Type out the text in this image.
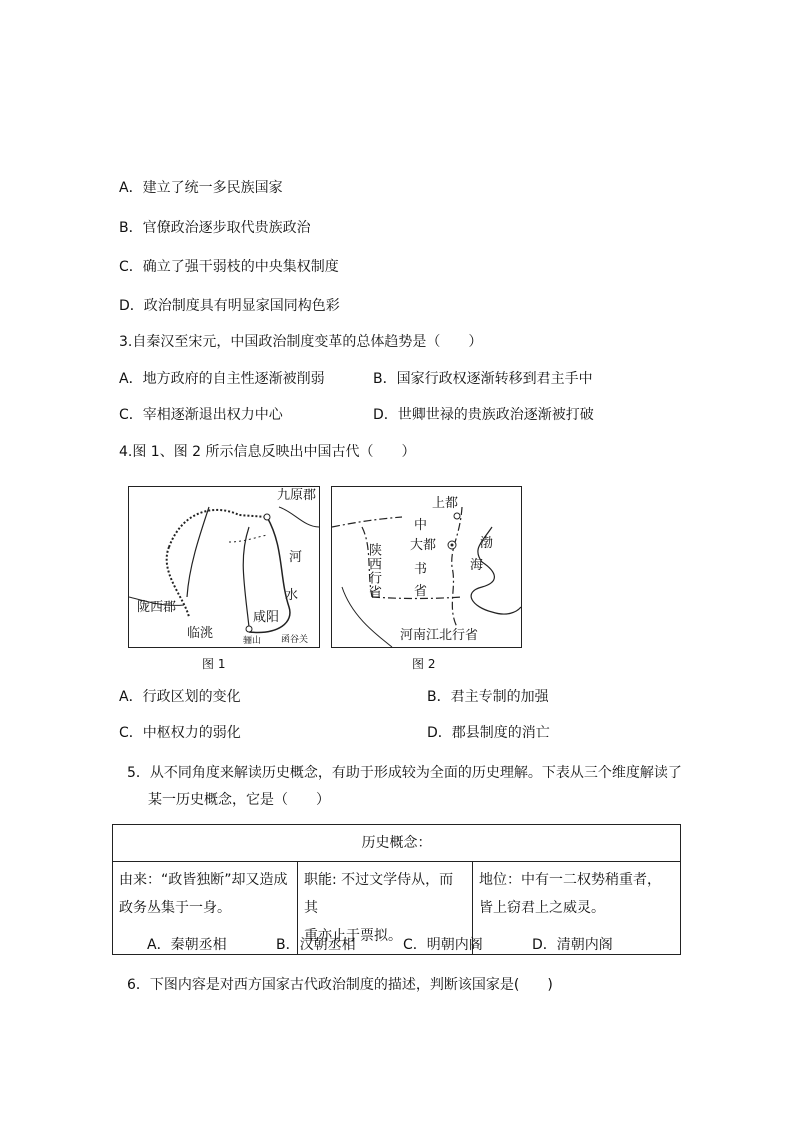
A．建立了统一多民族国家
B．官僚政治逐步取代贵族政治
C．确立了强干弱枝的中央集权制度
D．政治制度具有明显家国同构色彩
3.自秦汉至宋元，中国政治制度变革的总体趋势是（　　）
A．地方政府的自主性逐渐被削弱	B．国家行政权逐渐转移到君主手中
C．宰相逐渐退出权力中心	D．世卿世禄的贵族政治逐渐被打破
4.图 1、图 2 所示信息反映出中国古代（　　）
九原郡
河
水
陇西郡
咸阳
临洮	骊山 函谷关
图 1
上都
中
大都
书
省
渤
海
陕西行省
河南江北行省
图 2
A．行政区划的变化	B．君主专制的加强
C．中枢权力的弱化	D．郡县制度的消亡
5．从不同角度来解读历史概念，有助于形成较为全面的历史理解。下表从三个维度解读了
某一历史概念，它是（　　）
历史概念：

由来：“政皆独断”却又造成
政务丛集于一身。

职能: 不过文学侍从，而其
重亦止于票拟。

地位：中有一二权势稍重者，
皆上窃君上之威灵。
A．秦朝丞相	B．汉朝丞相	C．明朝内阁	D．清朝内阁
6．下图内容是对西方国家古代政治制度的描述，判断该国家是(　　)
